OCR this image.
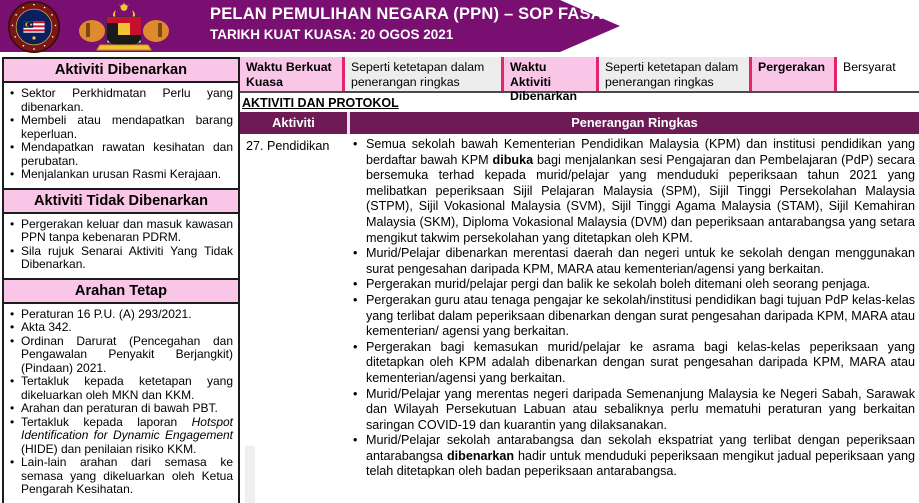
PELAN PEMULIHAN NEGARA (PPN) – SOP FASA 2
TARIKH KUAT KUASA: 20 OGOS 2021
Aktiviti Dibenarkan
• Sektor Perkhidmatan Perlu yang dibenarkan.
• Membeli atau mendapatkan barang keperluan.
• Mendapatkan rawatan kesihatan dan perubatan.
• Menjalankan urusan Rasmi Kerajaan.
Aktiviti Tidak Dibenarkan
• Pergerakan keluar dan masuk kawasan PPN tanpa kebenaran PDRM.
• Sila rujuk Senarai Aktiviti Yang Tidak Dibenarkan.
Arahan Tetap
• Peraturan 16 P.U. (A) 293/2021.
• Akta 342.
• Ordinan Darurat (Pencegahan dan Pengawalan Penyakit Berjangkit) (Pindaan) 2021.
• Tertakluk kepada ketetapan yang dikeluarkan oleh MKN dan KKM.
• Arahan dan peraturan di bawah PBT.
• Tertakluk kepada laporan Hotspot Identification for Dynamic Engagement (HIDE) dan penilaian risiko KKM.
• Lain-lain arahan dari semasa ke semasa yang dikeluarkan oleh Ketua Pengarah Kesihatan.
Waktu Berkuat Kuasa
Seperti ketetapan dalam penerangan ringkas
Waktu Aktiviti Dibenarkan
Seperti ketetapan dalam penerangan ringkas
Pergerakan	Bersyarat
AKTIVITI DAN PROTOKOL
Aktiviti	Penerangan Ringkas
27. Pendidikan	• Semua sekolah bawah Kementerian Pendidikan Malaysia (KPM) dan institusi pendidikan yang berdaftar bawah KPM dibuka bagi menjalankan sesi Pengajaran dan Pembelajaran (PdP) secara bersemuka terhad kepada murid/pelajar yang menduduki peperiksaan tahun 2021 yang melibatkan peperiksaan Sijil Pelajaran Malaysia (SPM), Sijil Tinggi Persekolahan Malaysia (STPM), Sijil Vokasional Malaysia (SVM), Sijil Tinggi Agama Malaysia (STAM), Sijil Kemahiran Malaysia (SKM), Diploma Vokasional Malaysia (DVM) dan peperiksaan antarabangsa yang setara mengikut takwim persekolahan yang ditetapkan oleh KPM.
• Murid/Pelajar dibenarkan merentasi daerah dan negeri untuk ke sekolah dengan menggunakan surat pengesahan daripada KPM, MARA atau kementerian/agensi yang berkaitan.
• Pergerakan murid/pelajar pergi dan balik ke sekolah boleh ditemani oleh seorang penjaga.
• Pergerakan guru atau tenaga pengajar ke sekolah/institusi pendidikan bagi tujuan PdP kelas-kelas yang terlibat dalam peperiksaan dibenarkan dengan surat pengesahan daripada KPM, MARA atau kementerian/ agensi yang berkaitan.
• Pergerakan bagi kemasukan murid/pelajar ke asrama bagi kelas-kelas peperiksaan yang ditetapkan oleh KPM adalah dibenarkan dengan surat pengesahan daripada KPM, MARA atau kementerian/agensi yang berkaitan.
• Murid/Pelajar yang merentas negeri daripada Semenanjung Malaysia ke Negeri Sabah, Sarawak dan Wilayah Persekutuan Labuan atau sebaliknya perlu mematuhi peraturan yang berkaitan saringan COVID-19 dan kuarantin yang dilaksanakan.
• Murid/Pelajar sekolah antarabangsa dan sekolah ekspatriat yang terlibat dengan peperiksaan antarabangsa dibenarkan hadir untuk menduduki peperiksaan mengikut jadual peperiksaan yang telah ditetapkan oleh badan peperiksaan antarabangsa.
